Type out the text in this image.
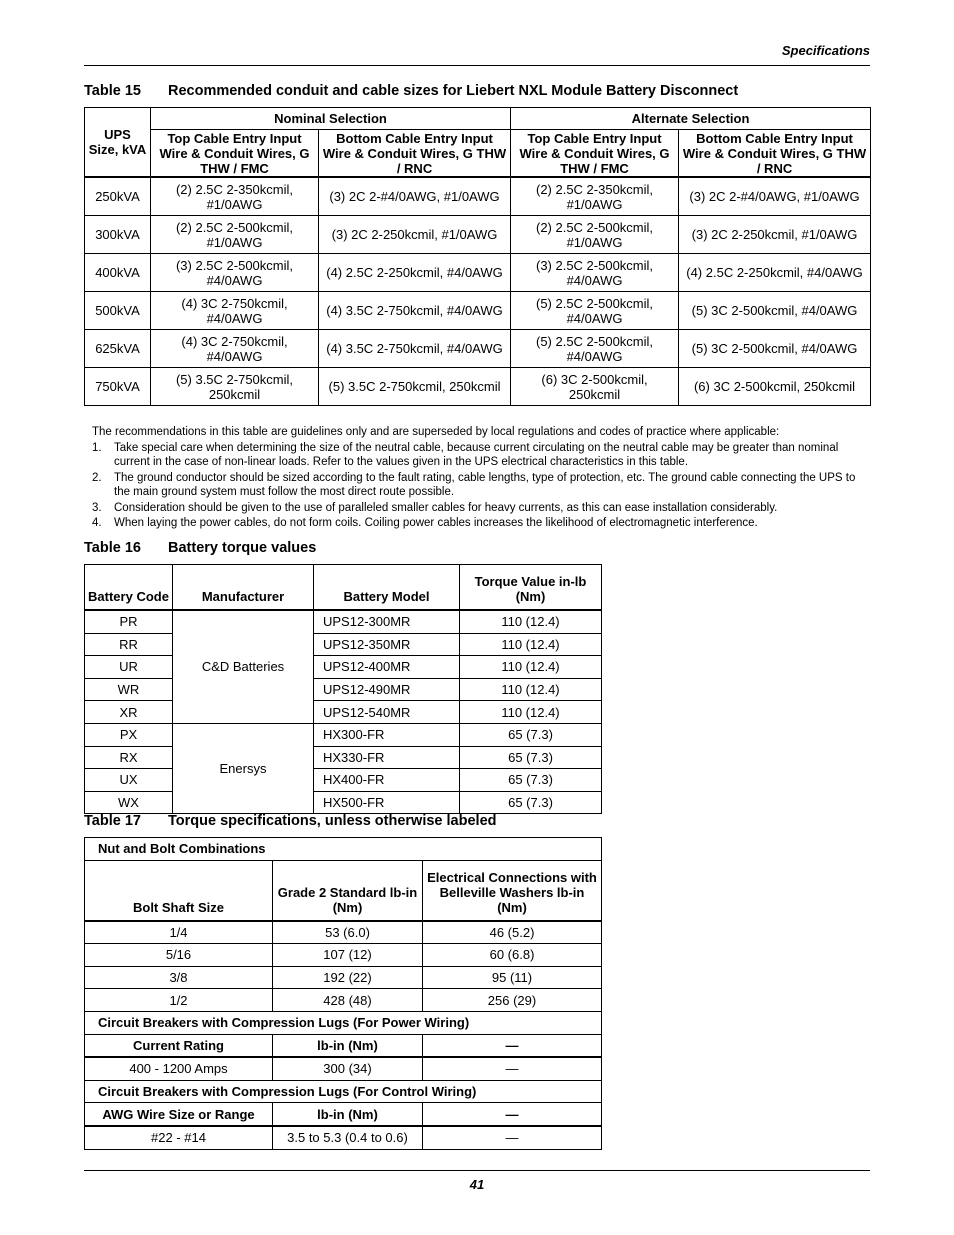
Specifications
Table 15 Recommended conduit and cable sizes for Liebert NXL Module Battery Disconnect
UPS Size, kVA	Nominal Selection		Alternate Selection	
	Top Cable Entry Input Wire & Conduit Wires, G THW / FMC	Bottom Cable Entry Input Wire & Conduit Wires, G THW / RNC	Top Cable Entry Input Wire & Conduit Wires, G THW / FMC	Bottom Cable Entry Input Wire & Conduit Wires, G THW / RNC
250kVA	(2) 2.5C 2-350kcmil, #1/0AWG	(3) 2C 2-#4/0AWG, #1/0AWG	(2) 2.5C 2-350kcmil, #1/0AWG	(3) 2C 2-#4/0AWG, #1/0AWG
300kVA	(2) 2.5C 2-500kcmil, #1/0AWG	(3) 2C 2-250kcmil, #1/0AWG	(2) 2.5C 2-500kcmil, #1/0AWG	(3) 2C 2-250kcmil, #1/0AWG
400kVA	(3) 2.5C 2-500kcmil, #4/0AWG	(4) 2.5C 2-250kcmil, #4/0AWG	(3) 2.5C 2-500kcmil, #4/0AWG	(4) 2.5C 2-250kcmil, #4/0AWG
500kVA	(4) 3C 2-750kcmil, #4/0AWG	(4) 3.5C 2-750kcmil, #4/0AWG	(5) 2.5C 2-500kcmil, #4/0AWG	(5) 3C 2-500kcmil, #4/0AWG
625kVA	(4) 3C 2-750kcmil, #4/0AWG	(4) 3.5C 2-750kcmil, #4/0AWG	(5) 2.5C 2-500kcmil, #4/0AWG	(5) 3C 2-500kcmil, #4/0AWG
750kVA	(5) 3.5C 2-750kcmil, 250kcmil	(5) 3.5C 2-750kcmil, 250kcmil	(6) 3C 2-500kcmil, 250kcmil	(6) 3C 2-500kcmil, 250kcmil
The recommendations in this table are guidelines only and are superseded by local regulations and codes of practice where applicable:
1.	Take special care when determining the size of the neutral cable, because current circulating on the neutral cable may be greater than nominal current in the case of non-linear loads. Refer to the values given in the UPS electrical characteristics in this table.
2.	The ground conductor should be sized according to the fault rating, cable lengths, type of protection, etc. The ground cable connecting the UPS to the main ground system must follow the most direct route possible.
3.	Consideration should be given to the use of paralleled smaller cables for heavy currents, as this can ease installation considerably.
4.	When laying the power cables, do not form coils. Coiling power cables increases the likelihood of electromagnetic interference.
Table 16 Battery torque values
Battery Code	Manufacturer	Battery Model	Torque Value in-lb (Nm)
PR	C&D Batteries	UPS12-300MR	110 (12.4)
RR		UPS12-350MR	110 (12.4)
UR		UPS12-400MR	110 (12.4)
WR		UPS12-490MR	110 (12.4)
XR		UPS12-540MR	110 (12.4)
PX	Enersys	HX300-FR	65 (7.3)
RX		HX330-FR	65 (7.3)
UX		HX400-FR	65 (7.3)
WX		HX500-FR	65 (7.3)
Table 17 Torque specifications, unless otherwise labeled
Nut and Bolt Combinations		
Bolt Shaft Size	Grade 2 Standard lb-in (Nm)	Electrical Connections with Belleville Washers lb-in (Nm)
1/4	53 (6.0)	46 (5.2)
5/16	107 (12)	60 (6.8)
3/8	192 (22)	95 (11)
1/2	428 (48)	256 (29)
Circuit Breakers with Compression Lugs (For Power Wiring)		
Current Rating	lb-in (Nm)	—
400 - 1200 Amps	300 (34)	—
Circuit Breakers with Compression Lugs (For Control Wiring)		
AWG Wire Size or Range	lb-in (Nm)	—
#22 - #14	3.5 to 5.3 (0.4 to 0.6)	—
41
